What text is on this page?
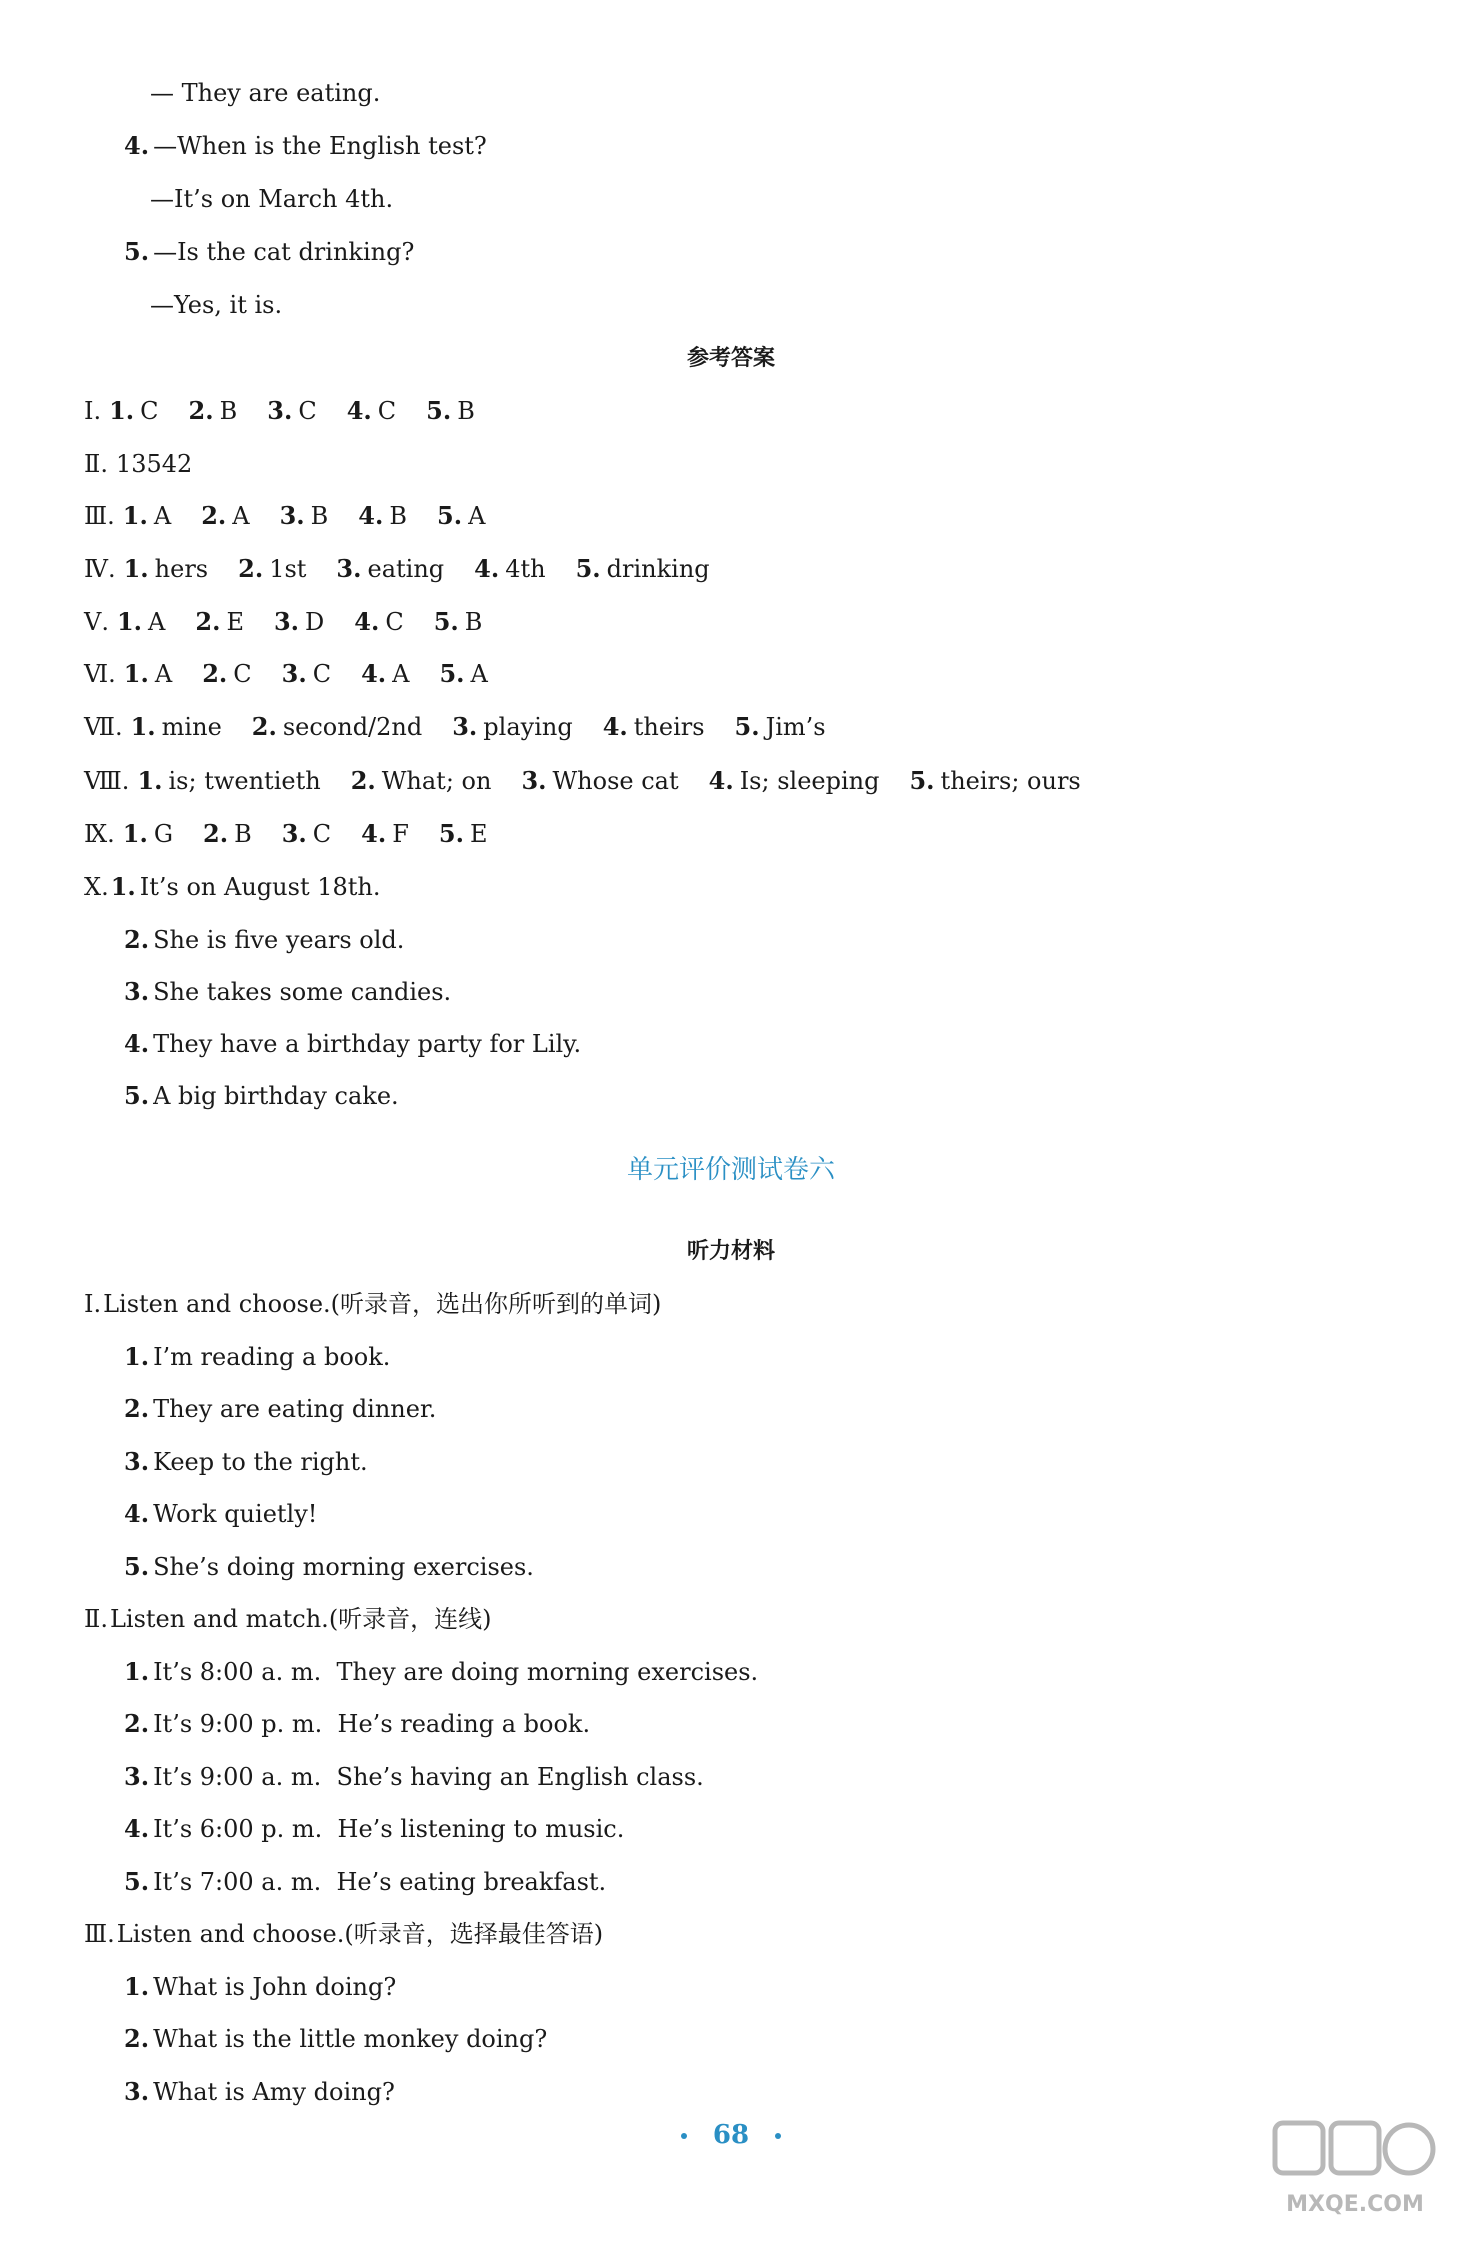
— They are eating.
4. —When is the English test?
—It’s on March 4th.
5. —Is the cat drinking?
—Yes, it is.
参考答案
Ⅰ. 1. C 2. B 3. C 4. C 5. B
Ⅱ. 13542
Ⅲ. 1. A 2. A 3. B 4. B 5. A
Ⅳ. 1. hers 2. 1st 3. eating 4. 4th 5. drinking
Ⅴ. 1. A 2. E 3. D 4. C 5. B
Ⅵ. 1. A 2. C 3. C 4. A 5. A
Ⅶ. 1. mine 2. second/2nd 3. playing 4. theirs 5. Jim’s
Ⅷ. 1. is; twentieth 2. What; on 3. Whose cat 4. Is; sleeping 5. theirs; ours
Ⅸ. 1. G 2. B 3. C 4. F 5. E
Ⅹ.1. It’s on August 18th.
2. She is five years old.
3. She takes some candies.
4. They have a birthday party for Lily.
5. A big birthday cake.
单元评价测试卷六
听力材料
Ⅰ.Listen and choose.(听录音，选出你所听到的单词)
1. I’m reading a book.
2. They are eating dinner.
3. Keep to the right.
4. Work quietly!
5. She’s doing morning exercises.
Ⅱ.Listen and match.(听录音，连线)
1. It’s 8:00 a. m.  They are doing morning exercises.
2. It’s 9:00 p. m.  He’s reading a book.
3. It’s 9:00 a. m.  She’s having an English class.
4. It’s 6:00 p. m.  He’s listening to music.
5. It’s 7:00 a. m.  He’s eating breakfast.
Ⅲ.Listen and choose.(听录音，选择最佳答语)
1. What is John doing?
2. What is the little monkey doing?
3. What is Amy doing?
68
MXQE.COM
